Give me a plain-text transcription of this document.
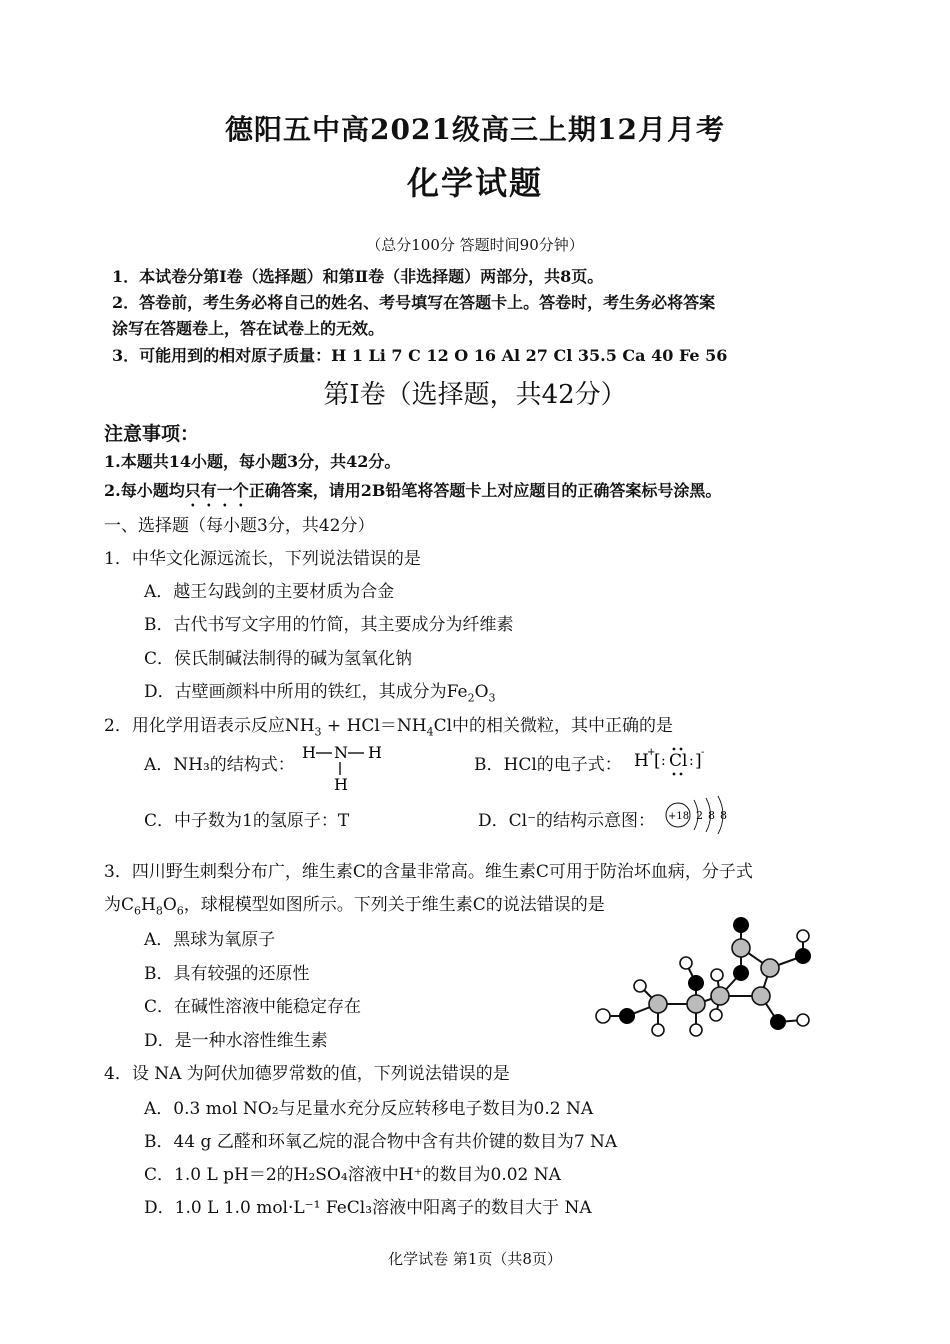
德阳五中高2021级高三上期12月月考
化学试题
（总分100分 答题时间90分钟）
1．本试卷分第Ⅰ卷（选择题）和第Ⅱ卷（非选择题）两部分，共8页。
2．答卷前，考生务必将自己的姓名、考号填写在答题卡上。答卷时，考生务必将答案
涂写在答题卷上，答在试卷上的无效。
3．可能用到的相对原子质量：H 1 Li 7 C 12 O 16 Al 27 Cl 35.5 Ca 40 Fe 56
第Ⅰ卷（选择题，共42分）
注意事项：
1.本题共14小题，每小题3分，共42分。
2.每小题均只有一个正确答案，请用2B铅笔将答题卡上对应题目的正确答案标号涂黑。
一、选择题（每小题3分，共42分）
1．中华文化源远流长，下列说法错误的是
A．越王勾践剑的主要材质为合金
B．古代书写文字用的竹简，其主要成分为纤维素
C．侯氏制碱法制得的碱为氢氧化钠
D．古壁画颜料中所用的铁红，其成分为$Fe_2O_3$
2．用化学用语表示反应$NH_3 + HCl=NH_4Cl$中的相关微粒，其中正确的是
A．NH₃的结构式：
H N H
H
B．HCl的电子式： H
+
[ : Cl : ] -
C．中子数为1的氢原子：T	D．Cl⁻的结构示意图： +18 2 8 8
3．四川野生刺梨分布广，维生素C的含量非常高。维生素C可用于防治坏血病，分子式
为$C_6H_8O_6$，球棍模型如图所示。下列关于维生素C的说法错误的是
A．黑球为氧原子
B．具有较强的还原性
C．在碱性溶液中能稳定存在
D．是一种水溶性维生素
4．设 NA 为阿伏加德罗常数的值，下列说法错误的是
A．0.3 mol NO₂与足量水充分反应转移电子数目为0.2 NA
B．44 g 乙醛和环氧乙烷的混合物中含有共价键的数目为7 NA
C．1.0 L pH＝2的H₂SO₄溶液中H⁺的数目为0.02 NA
D．1.0 L 1.0 mol·L⁻¹ FeCl₃溶液中阳离子的数目大于 NA
化学试卷 第1页（共8页）
